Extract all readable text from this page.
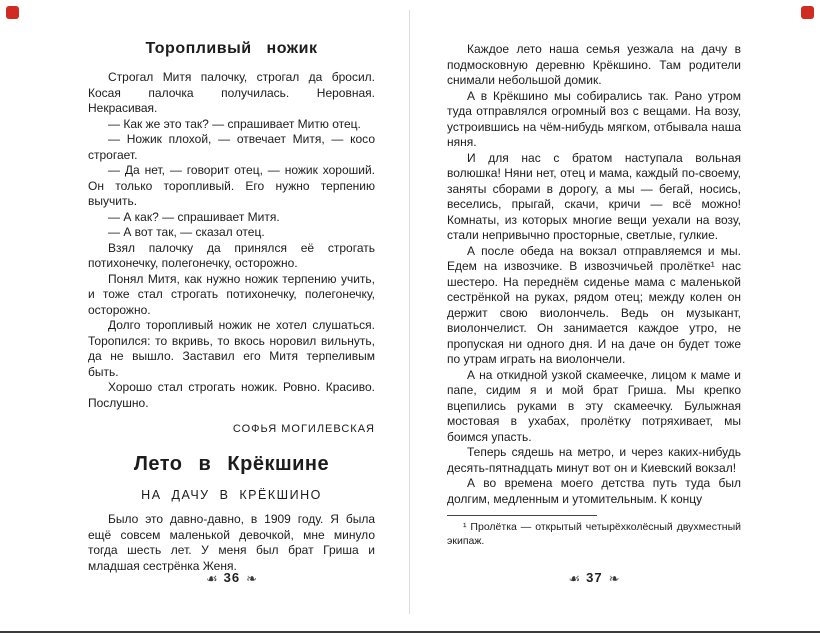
Торопливый ножик

Строгал Митя палочку, строгал да бросил. Косая палочка получилась. Неровная. Некрасивая.

— Как же это так? — спрашивает Митю отец.

— Ножик плохой, — отвечает Митя, — косо строгает.

— Да нет, — говорит отец, — ножик хороший. Он только торопливый. Его нужно терпению выучить.

— А как? — спрашивает Митя.

— А вот так, — сказал отец.

Взял палочку да принялся её строгать потихонечку, полегонечку, осторожно.

Понял Митя, как нужно ножик терпению учить, и тоже стал строгать потихонечку, полегонечку, осторожно.

Долго торопливый ножик не хотел слушаться. Торопился: то вкривь, то вкось норовил вильнуть, да не вышло. Заставил его Митя терпеливым быть.

Хорошо стал строгать ножик. Ровно. Красиво. Послушно.

СОФЬЯ МОГИЛЕВСКАЯ
Лето в Крёкшине
НА ДАЧУ В КРЁКШИНО

Было это давно-давно, в 1909 году. Я была ещё совсем маленькой девочкой, мне минуло тогда шесть лет. У меня был брат Гриша и младшая сестрёнка Женя.

☙ 36 ❧

Каждое лето наша семья уезжала на дачу в подмосковную деревню Крёкшино. Там родители снимали небольшой домик.

А в Крёкшино мы собирались так. Рано утром туда отправлялся огромный воз с вещами. На возу, устроившись на чём-нибудь мягком, отбывала наша няня.

И для нас с братом наступала вольная волюшка! Няни нет, отец и мама, каждый по-своему, заняты сборами в дорогу, а мы — бегай, носись, веселись, прыгай, скачи, кричи — всё можно! Комнаты, из которых многие вещи уехали на возу, стали непривычно просторные, светлые, гулкие.

А после обеда на вокзал отправляемся и мы. Едем на извозчике. В извозчичьей пролётке¹ нас шестеро. На переднём сиденье мама с маленькой сестрёнкой на руках, рядом отец; между колен он держит свою виолончель. Ведь он музыкант, виолончелист. Он занимается каждое утро, не пропуская ни одного дня. И на даче он будет тоже по утрам играть на виолончели.

А на откидной узкой скамеечке, лицом к маме и папе, сидим я и мой брат Гриша. Мы крепко вцепились руками в эту скамеечку. Булыжная мостовая в ухабах, пролётку потряхивает, мы боимся упасть.

Теперь сядешь на метро, и через каких-нибудь десять-пятнадцать минут вот он и Киевский вокзал!

А во времена моего детства путь туда был долгим, медленным и утомительным. К концу

¹ Пролётка — открытый четырёхколёсный двухместный экипаж.

☙ 37 ❧
